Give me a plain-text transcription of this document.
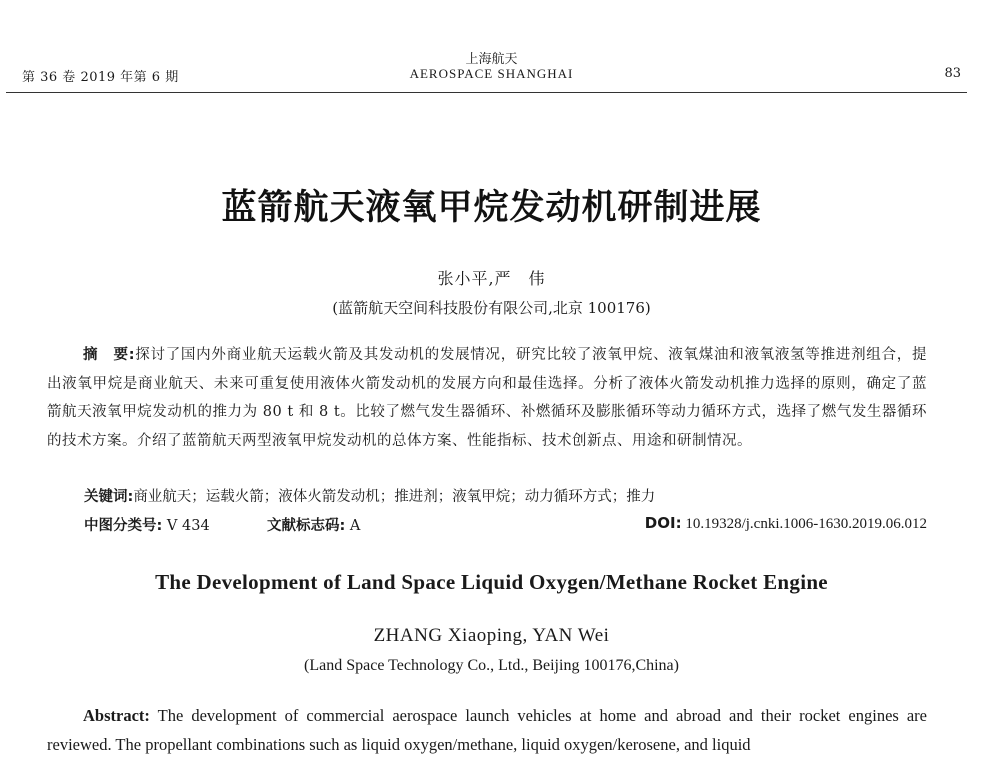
第 36 卷 2019 年第 6 期
上海航天
AEROSPACE SHANGHAI	83
蓝箭航天液氧甲烷发动机研制进展
张小平,严　伟
(蓝箭航天空间科技股份有限公司,北京 100176)
摘　要:探讨了国内外商业航天运载火箭及其发动机的发展情况，研究比较了液氧甲烷、液氧煤油和液氧液氢等推进剂组合，提出液氧甲烷是商业航天、未来可重复使用液体火箭发动机的发展方向和最佳选择。分析了液体火箭发动机推力选择的原则，确定了蓝箭航天液氧甲烷发动机的推力为 80 t 和 8 t。比较了燃气发生器循环、补燃循环及膨胀循环等动力循环方式，选择了燃气发生器循环的技术方案。介绍了蓝箭航天两型液氧甲烷发动机的总体方案、性能指标、技术创新点、用途和研制情况。
关键词:商业航天；运载火箭；液体火箭发动机；推进剂；液氧甲烷；动力循环方式；推力
中图分类号: V 434	文献标志码: A	DOI: 10.19328/j.cnki.1006-1630.2019.06.012
The Development of Land Space Liquid Oxygen/Methane Rocket Engine
ZHANG Xiaoping, YAN Wei
(Land Space Technology Co., Ltd., Beijing 100176,China)
Abstract: The development of commercial aerospace launch vehicles at home and abroad and their rocket engines are reviewed. The propellant combinations such as liquid oxygen/methane, liquid oxygen/kerosene, and liquid
